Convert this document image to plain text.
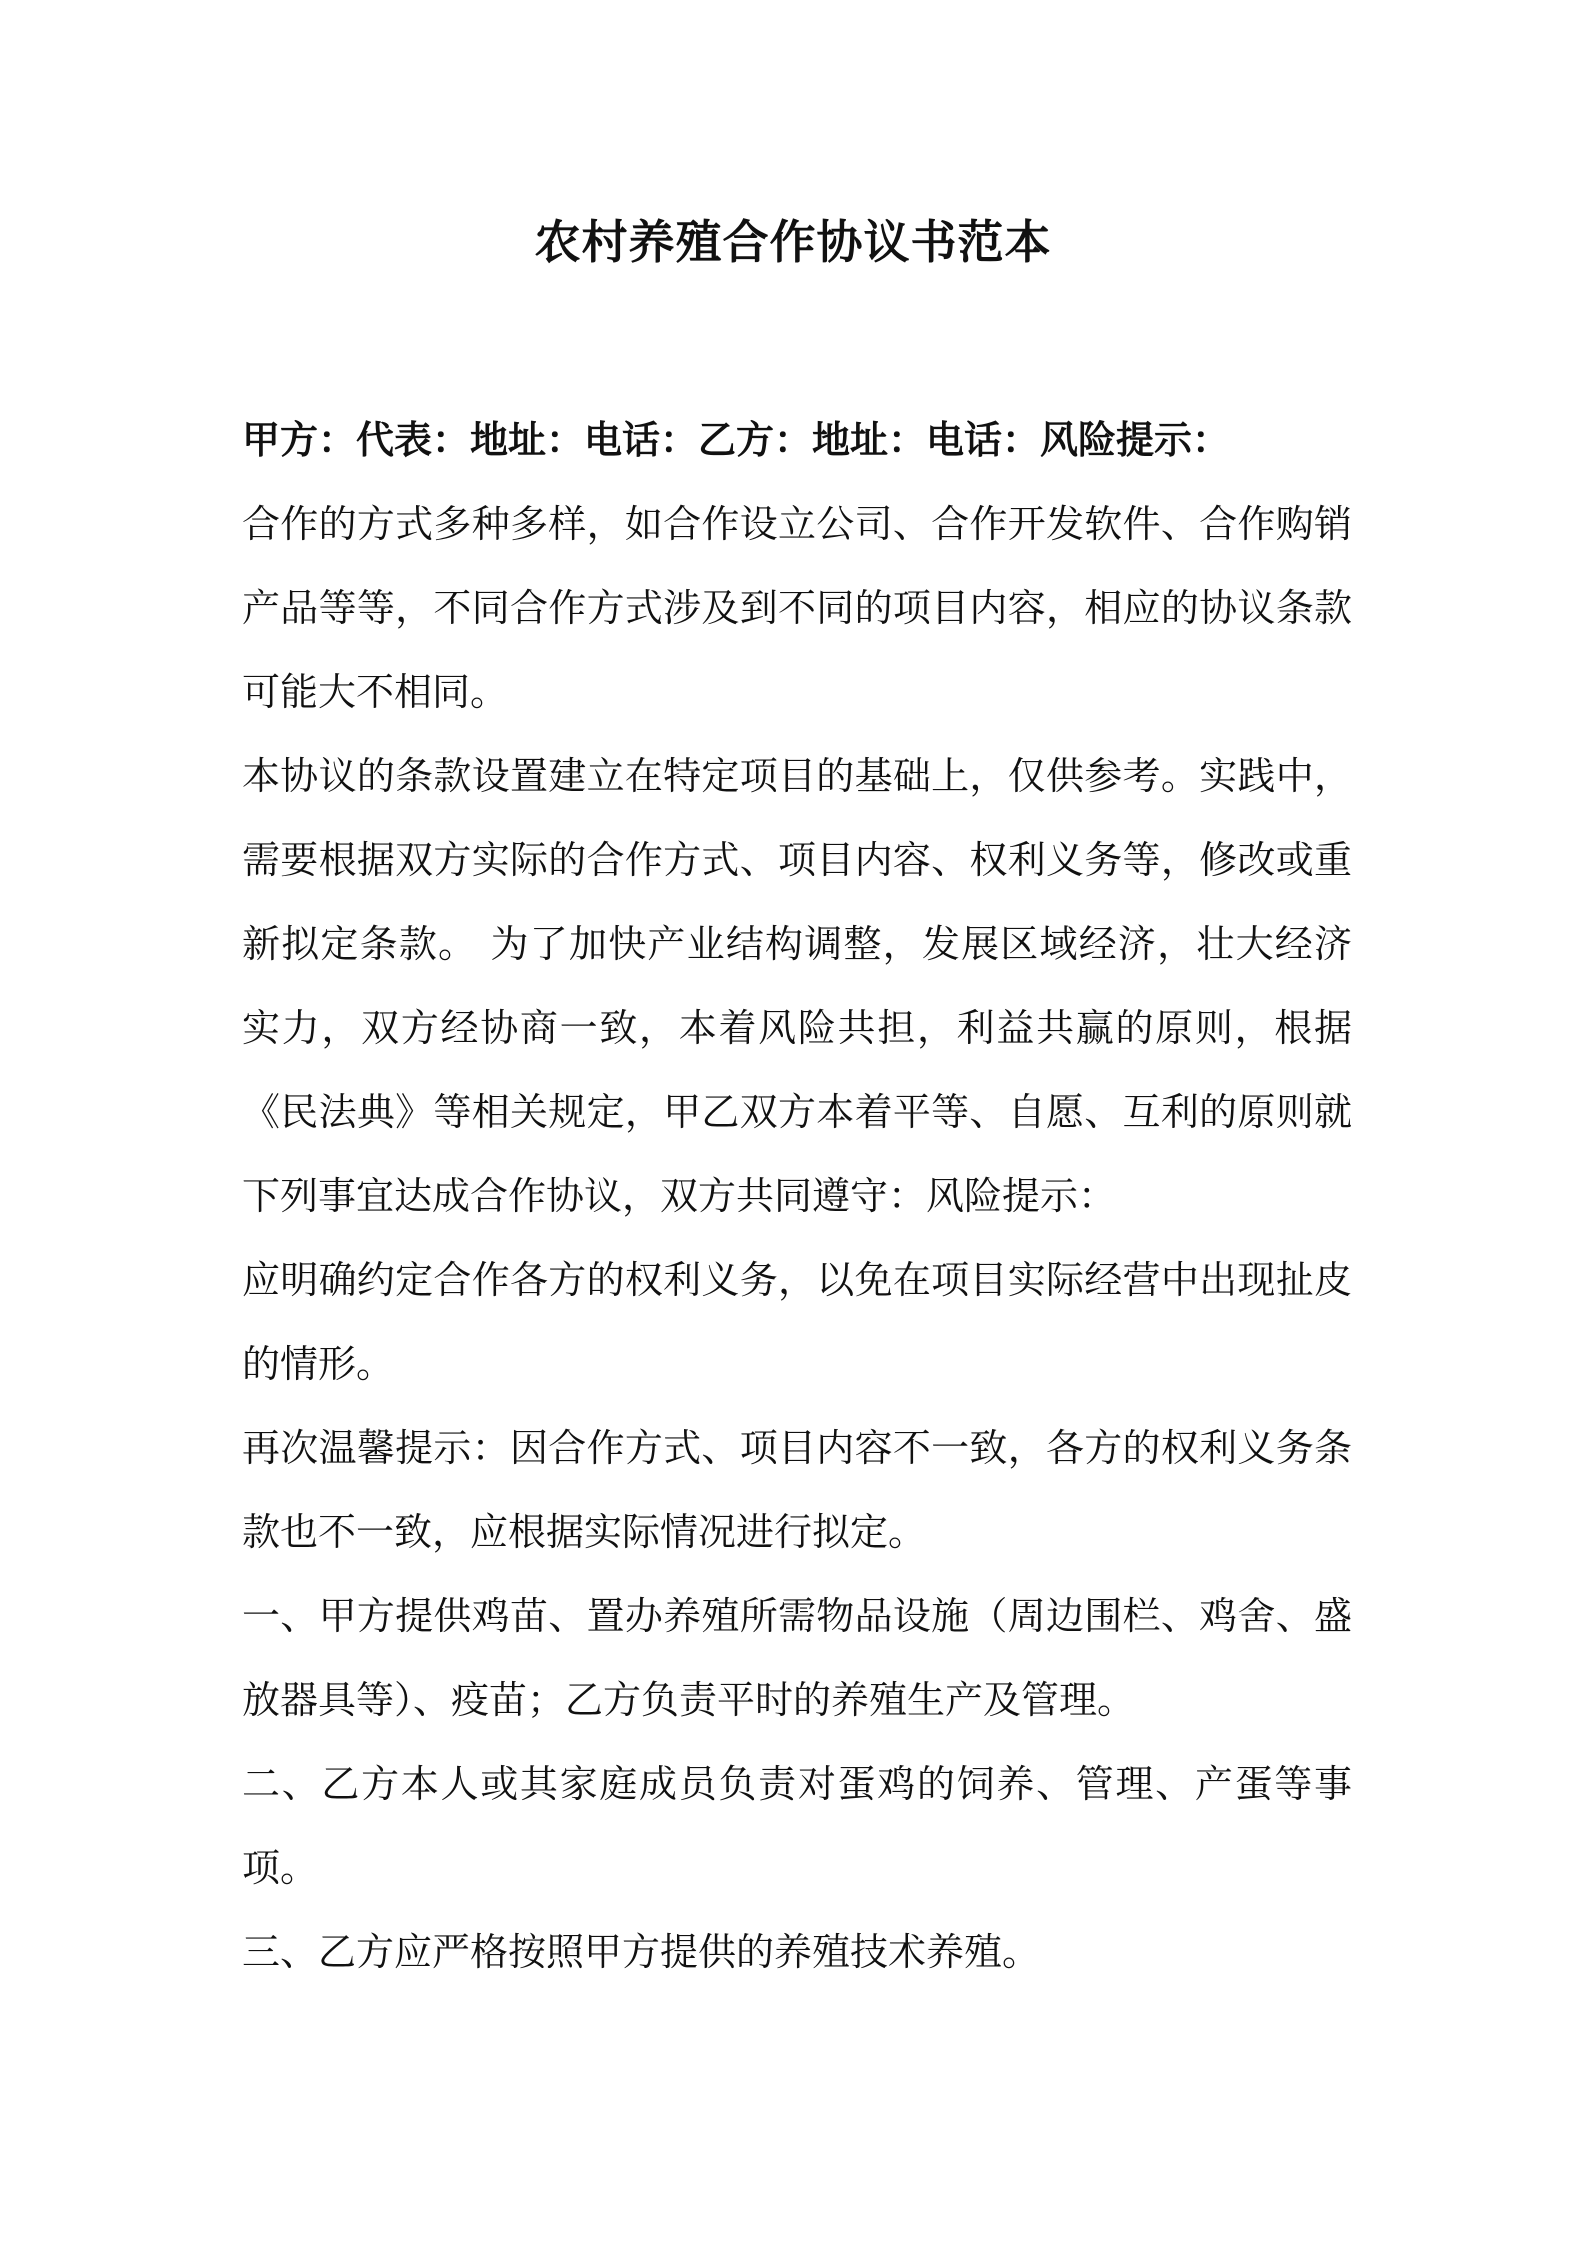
农村养殖合作协议书范本

甲方：代表：地址：电话：乙方：地址：电话：风险提示：

合作的方式多种多样，如合作设立公司、合作开发软件、合作购销产品等等，不同合作方式涉及到不同的项目内容，相应的协议条款可能大不相同。

本协议的条款设置建立在特定项目的基础上，仅供参考。实践中，需要根据双方实际的合作方式、项目内容、权利义务等，修改或重新拟定条款。 为了加快产业结构调整，发展区域经济，壮大经济实力，双方经协商一致，本着风险共担，利益共赢的原则，根据《民法典》等相关规定，甲乙双方本着平等、自愿、互利的原则就下列事宜达成合作协议，双方共同遵守：风险提示：

应明确约定合作各方的权利义务，以免在项目实际经营中出现扯皮的情形。

再次温馨提示：因合作方式、项目内容不一致，各方的权利义务条款也不一致，应根据实际情况进行拟定。

一、甲方提供鸡苗、置办养殖所需物品设施（周边围栏、鸡舍、盛放器具等）、疫苗；乙方负责平时的养殖生产及管理。

二、乙方本人或其家庭成员负责对蛋鸡的饲养、管理、产蛋等事项。

三、乙方应严格按照甲方提供的养殖技术养殖。
